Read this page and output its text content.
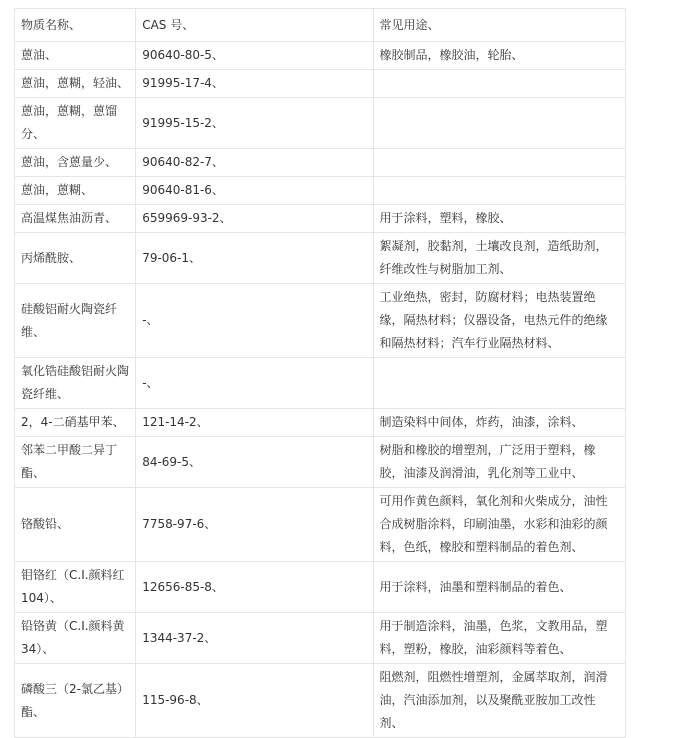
物质名称、	CAS 号、	常见用途、
蒽油、	90640-80-5、	橡胶制品，橡胶油，轮胎、
蒽油，蒽糊，轻油、	91995-17-4、	
蒽油，蒽糊，蒽馏分、	91995-15-2、	
蒽油，含蒽量少、	90640-82-7、	
蒽油，蒽糊、	90640-81-6、	
高温煤焦油沥青、	659969-93-2、	用于涂料，塑料，橡胶、
丙烯酰胺、	79-06-1、	絮凝剂，胶黏剂，土壤改良剂，造纸助剂，纤维改性与树脂加工剂、
硅酸铝耐火陶瓷纤维、	-、	工业绝热，密封，防腐材料；电热装置绝缘，隔热材料；仪器设备，电热元件的绝缘和隔热材料；汽车行业隔热材料、
氧化锆硅酸铝耐火陶瓷纤维、	-、	
2，4-二硝基甲苯、	121-14-2、	制造染料中间体，炸药，油漆，涂料、
邻苯二甲酸二异丁酯、	84-69-5、	树脂和橡胶的增塑剂，广泛用于塑料，橡胶，油漆及润滑油，乳化剂等工业中、
铬酸铅、	7758-97-6、	可用作黄色颜料，氧化剂和火柴成分，油性合成树脂涂料，印刷油墨，水彩和油彩的颜料，色纸，橡胶和塑料制品的着色剂、
钼铬红（C.I.颜料红104）、	12656-85-8、	用于涂料，油墨和塑料制品的着色、
铅铬黄（C.I.颜料黄34）、	1344-37-2、	用于制造涂料，油墨，色浆，文教用品，塑料，塑粉，橡胶，油彩颜料等着色、
磷酸三（2-氯乙基）酯、	115-96-8、	阻燃剂，阻燃性增塑剂，金属萃取剂，润滑油，汽油添加剂，以及聚酰亚胺加工改性剂、
